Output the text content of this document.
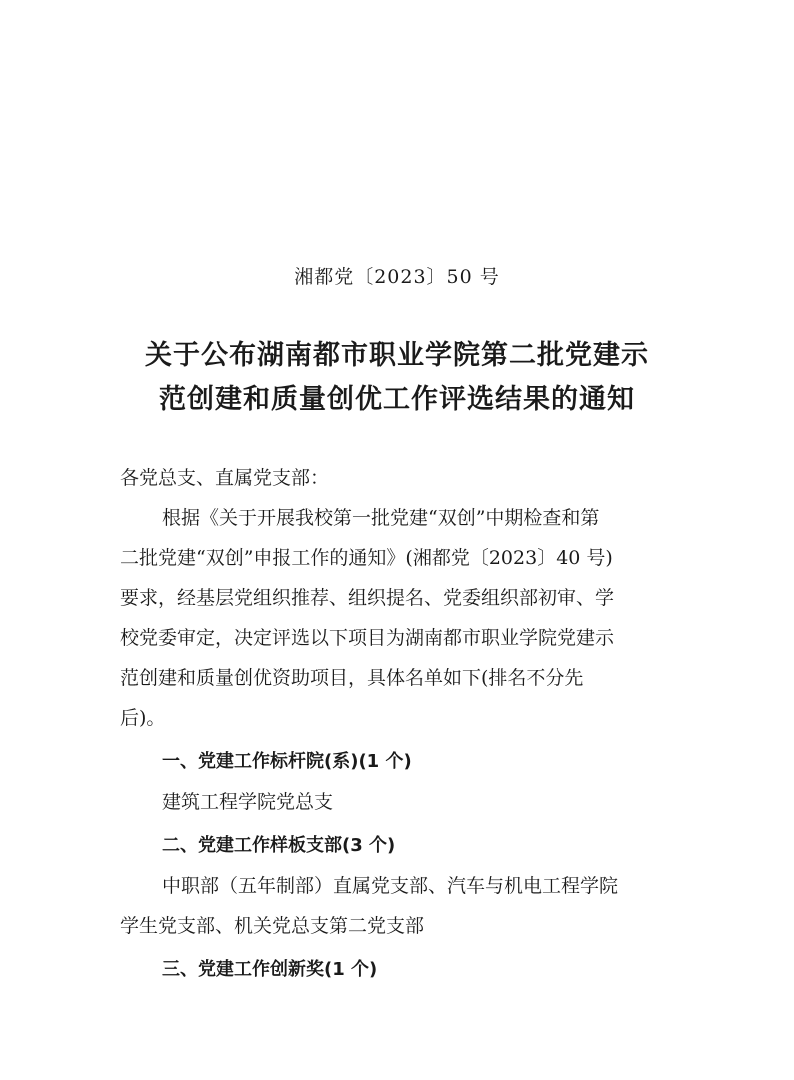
湘都党〔2023〕50 号
关于公布湖南都市职业学院第二批党建示
范创建和质量创优工作评选结果的通知
各党总支、直属党支部：
根据《关于开展我校第一批党建“双创”中期检查和第
二批党建“双创”申报工作的通知》(湘都党〔2023〕40 号)
要求，经基层党组织推荐、组织提名、党委组织部初审、学
校党委审定，决定评选以下项目为湖南都市职业学院党建示
范创建和质量创优资助项目，具体名单如下(排名不分先
后)。
一、党建工作标杆院(系)(1 个)
建筑工程学院党总支
二、党建工作样板支部(3 个)
中职部（五年制部）直属党支部、汽车与机电工程学院
学生党支部、机关党总支第二党支部
三、党建工作创新奖(1 个)
